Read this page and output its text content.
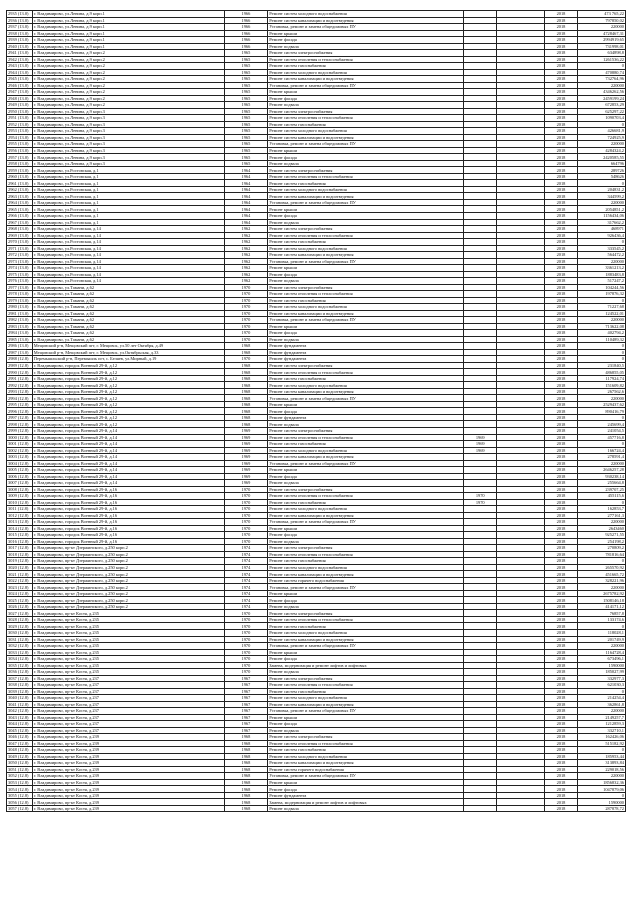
2935 (13.0)	г. Владимирово, ул.Ленина, д.9 корп.1	1966	Ремонт систем холодного водоснабжения			2018	473 765,22
2936 (13.0)	г. Владимирово, ул.Ленина, д.9 корп.1	1966	Ремонт систем канализации и водоотведения			2018	797850,02
2937 (13.0)	г. Владимирово, ул.Ленина, д.9 корп.1	1966	Установка, ремонт и замена общедомовых ПУ			2018	220000
2938 (13.0)	г. Владимирово, ул.Ленина, д.9 корп.1	1966	Ремонт крыши			2018	4728467,31
2939 (13.0)	г. Владимирово, ул.Ленина, д.9 корп.1	1966	Ремонт фасада			2018	2994919,65
2940 (13.0)	г. Владимирово, ул.Ленина, д.9 корп.1	1966	Ремонт подвала			2018	731998,01
2941 (13.0)	г. Владимирово, ул.Ленина, д.9 корп.2	1965	Ремонт систем электроснабжения			2018	634898,8
2942 (13.0)	г. Владимирово, ул.Ленина, д.9 корп.2	1965	Ремонт систем отопления и теплоснабжения			2018	1261536,22
2943 (13.0)	г. Владимирово, ул.Ленина, д.9 корп.2	1965	Ремонт систем газоснабжения			2018	0
2944 (13.0)	г. Владимирово, ул.Ленина, д.9 корп.2	1965	Ремонт систем холодного водоснабжения			2018	470880,74
2945 (13.0)	г. Владимирово, ул.Ленина, д.9 корп.2	1965	Ремонт систем канализации и водоотведения			2018	732764,96
2946 (13.0)	г. Владимирово, ул.Ленина, д.9 корп.2	1965	Установка, ремонт и замена общедомовых ПУ			2018	220000
2947 (13.0)	г. Владимирово, ул.Ленина, д.9 корп.2	1965	Ремонт крыши			2018	4346262,56
2948 (13.0)	г. Владимирово, ул.Ленина, д.9 корп.2	1965	Ремонт фасада			2018	2459199,24
2949 (13.0)	г. Владимирово, ул.Ленина, д.9 корп.2	1965	Ремонт подвала			2018	672853,29
2950 (13.0)	г. Владимирово, ул.Ленина, д.9 корп.3	1965	Ремонт систем электроснабжения			2018	625297,22
2951 (13.0)	г. Владимирово, ул.Ленина, д.9 корп.3	1965	Ремонт систем отопления и теплоснабжения			2018	1090703,4
2952 (13.0)	г. Владимирово, ул.Ленина, д.9 корп.3	1965	Ремонт систем газоснабжения			2018	0
2953 (13.0)	г. Владимирово, ул.Ленина, д.9 корп.3	1965	Ремонт систем холодного водоснабжения			2018	426681,9
2954 (13.0)	г. Владимирово, ул.Ленина, д.9 корп.3	1965	Ремонт систем канализации и водоотведения			2018	724925,9
2955 (13.0)	г. Владимирово, ул.Ленина, д.9 корп.3	1965	Установка, ремонт и замена общедомовых ПУ			2018	220000
2956 (13.0)	г. Владимирово, ул.Ленина, д.9 корп.3	1965	Ремонт крыши			2018	4284324,2
2957 (13.0)	г. Владимирово, ул.Ленина, д.9 корп.3	1965	Ремонт фасада			2018	2420585,55
2958 (13.0)	г. Владимирово, ул.Ленина, д.9 корп.3	1965	Ремонт подвала			2018	664796
2959 (13.0)	г. Владимирово, ул.Ростовская, д.1	1964	Ремонт систем электроснабжения			2018	289726
2960 (13.0)	г. Владимирово, ул.Ростовская, д.1	1964	Ремонт систем отопления и теплоснабжения			2018	548626
2961 (13.0)	г. Владимирово, ул.Ростовская, д.1	1964	Ремонт систем газоснабжения			2018	0
2962 (13.0)	г. Владимирово, ул.Ростовская, д.1	1964	Ремонт систем холодного водоснабжения			2018	204831,2
2963 (13.0)	г. Владимирово, ул.Ростовская, д.1	1964	Ремонт систем канализации и водоотведения			2018	344599,2
2964 (13.0)	г. Владимирово, ул.Ростовская, д.1	1964	Установка, ремонт и замена общедомовых ПУ			2018	220000
2965 (13.0)	г. Владимирово, ул.Ростовская, д.1	1964	Ремонт крыши			2018	2054851,2
2966 (13.0)	г. Владимирово, ул.Ростовская, д.1	1964	Ремонт фасада			2018	1156434,06
2967 (13.0)	г. Владимирово, ул.Ростовская, д.1	1964	Ремонт подвала			2018	317662,2
2968 (13.0)	г. Владимирово, ул.Ростовская, д.14	1962	Ремонт систем электроснабжения			2018	468971
2969 (13.0)	г. Владимирово, ул.Ростовская, д.14	1962	Ремонт систем отопления и теплоснабжения			2018	926436,4
2970 (13.0)	г. Владимирово, ул.Ростовская, д.14	1962	Ремонт систем газоснабжения			2018	0
2971 (13.0)	г. Владимирово, ул.Ростовская, д.14	1962	Ремонт систем холодного водоснабжения			2018	333545,2
2972 (13.0)	г. Владимирово, ул.Ростовская, д.14	1962	Ремонт систем канализации и водоотведения			2018	564472,2
2973 (13.0)	г. Владимирово, ул.Ростовская, д.14	1962	Установка, ремонт и замена общедомовых ПУ			2018	220000
2974 (13.0)	г. Владимирово, ул.Ростовская, д.14	1962	Ремонт крыши			2018	3361213,2
2975 (13.0)	г. Владимирово, ул.Ростовская, д.14	1962	Ремонт фасада			2018	1883483,8
2976 (13.0)	г. Владимирово, ул.Ростовская, д.14	1962	Ремонт подвала			2018	517247,2
2977 (13.0)	г. Владимирово, ул.Тамани, д.62	1970	Ремонт систем электроснабжения			2018	104244,56
2978 (13.0)	г. Владимирово, ул.Тамани, д.62	1970	Ремонт систем отопления и теплоснабжения			2018	197876,32
2979 (13.0)	г. Владимирово, ул.Тамани, д.62	1970	Ремонт систем газоснабжения			2018	0
2980 (13.0)	г. Владимирово, ул.Тамани, д.62	1970	Ремонт систем холодного водоснабжения			2018	71227,68
2981 (13.0)	г. Владимирово, ул.Тамани, д.62	1970	Ремонт систем канализации и водоотведения			2018	124522,01
2982 (13.0)	г. Владимирово, ул.Тамани, д.62	1970	Установка, ремонт и замена общедомовых ПУ			2018	220000
2983 (13.0)	г. Владимирово, ул.Тамани, д.62	1970	Ремонт крыши			2018	713622,08
2984 (13.0)	г. Владимирово, ул.Тамани, д.62	1970	Ремонт фасада			2018	402794,2
2985 (13.0)	г. Владимирово, ул.Тамани, д.62	1970	Ремонт подвала			2018	110489,32
2986 (13.0)	Мещовский р-н, Мещовский пгт, г. Мещовск, ул.50 лет Октября, д.49	1968	Ремонт фундамента			2018	0
2987 (13.0)	Мещовский р-н, Мещовский пгт, г. Мещовск, ул.Октябрьская, д.33	1968	Ремонт фундамента			2018	0
2988 (12.8)	Перемышльский р-н, Перемышль пгт, с. Беляев, ул.Мирный, д.19	1970	Ремонт фундамента			2018	0
2989 (12.8)	г. Владимирово, городок Военный 29-й, д.12	1968	Ремонт систем электроснабжения			2018	231840,5
2990 (12.8)	г. Владимирово, городок Военный 29-й, д.12	1968	Ремонт систем отопления и теплоснабжения			2018	486855,05
2991 (12.8)	г. Владимирово, городок Военный 29-й, д.12	1968	Ремонт систем газоснабжения			2018	117924,74
2992 (12.8)	г. Владимирово, городок Военный 29-й, д.12	1968	Ремонт систем холодного водоснабжения			2018	151609,82
2993 (12.8)	г. Владимирово, городок Военный 29-й, д.12	1968	Ремонт систем канализации и водоотведения			2018	267562,6
2994 (12.8)	г. Владимирово, городок Военный 29-й, д.12	1968	Установка, ремонт и замена общедомовых ПУ			2018	220000
2995 (12.8)	г. Владимирово, городок Военный 29-й, д.12	1968	Ремонт крыши			2018	2529437,62
2996 (12.8)	г. Владимирово, городок Военный 29-й, д.12	1968	Ремонт фасада			2018	890416,79
2997 (12.8)	г. Владимирово, городок Военный 29-й, д.12	1968	Ремонт фундамента			2018	0
2998 (12.8)	г. Владимирово, городок Военный 29-й, д.12	1968	Ремонт подвала			2018	245699,4
2999 (12.8)	г. Владимирово, городок Военный 29-й, д.14	1969	Ремонт систем электроснабжения			2018	241054,5
3000 (12.8)	г. Владимирово, городок Военный 29-й, д.14	1969	Ремонт систем отопления и теплоснабжения	1969		2018	457716,8
3001 (12.8)	г. Владимирово, городок Военный 29-й, д.14	1969	Ремонт систем газоснабжения	1969		2018	0
3002 (12.8)	г. Владимирово, городок Военный 29-й, д.14	1969	Ремонт систем холодного водоснабжения	1969		2018	166724,4
3003 (12.8)	г. Владимирово, городок Военный 29-й, д.14	1969	Ремонт систем канализации и водоотведения			2018	278591,4
3004 (12.8)	г. Владимирово, городок Военный 29-й, д.14	1969	Установка, ремонт и замена общедомовых ПУ			2018	220000
3005 (12.8)	г. Владимирово, городок Военный 29-й, д.14	1969	Ремонт крыши			2018	2646257,28
3006 (12.8)	г. Владимирово, городок Военный 29-й, д.14	1969	Ремонт фасада			2018	930238,14
3007 (12.8)	г. Владимирово, городок Военный 29-й, д.14	1969	Ремонт подвала			2018	255664,8
3008 (12.8)	г. Владимирово, городок Военный 29-й, д.16	1970	Ремонт систем электроснабжения			2018	239707,25
3009 (12.8)	г. Владимирово, городок Военный 29-й, д.16	1970	Ремонт систем отопления и теплоснабжения	1970		2018	455115,6
3010 (12.8)	г. Владимирово, городок Военный 29-й, д.16	1970	Ремонт систем газоснабжения	1970		2018	0
3011 (12.8)	г. Владимирово, городок Военный 29-й, д.16	1970	Ремонт систем холодного водоснабжения			2018	162853,7
3012 (12.8)	г. Владимирово, городок Военный 29-й, д.16	1970	Ремонт систем канализации и водоотведения			2018	277161,3
3013 (12.8)	г. Владимирово, городок Военный 29-й, д.16	1970	Установка, ремонт и замена общедомовых ПУ			2018	220000
3014 (12.8)	г. Владимирово, городок Военный 29-й, д.16	1970	Ремонт крыши			2018	2643460
3015 (12.8)	г. Владимирово, городок Военный 29-й, д.16	1970	Ремонт фасада			2018	925271,55
3016 (12.8)	г. Владимирово, городок Военный 29-й, д.16	1970	Ремонт подвала			2018	254198,2
3017 (12.8)	г. Владимирово, пр-кт Дзержинского, д.250 корп.2	1974	Ремонт систем электроснабжения			2018	270809,2
3018 (12.8)	г. Владимирово, пр-кт Дзержинского, д.250 корп.2	1974	Ремонт систем отопления и теплоснабжения			2018	781816,64
3019 (12.8)	г. Владимирово, пр-кт Дзержинского, д.250 корп.2	1974	Ремонт систем газоснабжения			2018	0
3020 (12.8)	г. Владимирово, пр-кт Дзержинского, д.250 корп.2	1974	Ремонт систем холодного водоснабжения			2018	265570,92
3021 (12.8)	г. Владимирово, пр-кт Дзержинского, д.250 корп.2	1974	Ремонт систем канализации и водоотведения			2018	451665,72
3022 (12.8)	г. Владимирово, пр-кт Дзержинского, д.250 корп.2	1974	Ремонт систем горячего водоснабжения			2018	328221,96
3023 (12.8)	г. Владимирово, пр-кт Дзержинского, д.250 корп.2	1974	Установка, ремонт и замена общедомовых ПУ			2018	220000
3024 (12.8)	г. Владимирово, пр-кт Дзержинского, д.250 корп.2	1974	Ремонт крыши			2018	2675782,92
3025 (12.8)	г. Владимирово, пр-кт Дзержинского, д.250 корп.2	1974	Ремонт фасада			2018	1508146,18
3026 (12.8)	г. Владимирово, пр-кт Дзержинского, д.250 корп.2	1974	Ремонт подвала			2018	414171,12
3027 (12.8)	г. Владимирово, пр-кт Костя, д.235	1970	Ремонт систем электроснабжения			2018	76857,8
3028 (12.8)	г. Владимирово, пр-кт Костя, д.235	1970	Ремонт систем отопления и теплоснабжения			2018	133174,6
3029 (12.8)	г. Владимирово, пр-кт Костя, д.235	1970	Ремонт систем газоснабжения			2018	0
3030 (12.8)	г. Владимирово, пр-кт Костя, д.235	1970	Ремонт систем холодного водоснабжения			2018	118028,1
3031 (12.8)	г. Владимирово, пр-кт Костя, д.235	1970	Ремонт систем канализации и водоотведения			2018	201749,9
3032 (12.8)	г. Владимирово, пр-кт Костя, д.235	1970	Установка, ремонт и замена общедомовых ПУ			2018	220000
3033 (12.8)	г. Владимирово, пр-кт Костя, д.235	1970	Ремонт крыши			2018	1164728,4
3034 (12.8)	г. Владимирово, пр-кт Костя, д.235	1970	Ремонт фасада			2018	673496,1
3035 (12.8)	г. Владимирово, пр-кт Костя, д.235	1970	Замена, модернизация и ремонт лифтов и лифтовых			2018	1590000
3036 (12.8)	г. Владимирово, пр-кт Костя, д.235	1970	Ремонт подвала			2018	185027,99
3037 (12.8)	г. Владимирово, пр-кт Костя, д.237	1967	Ремонт систем электроснабжения			2018	332977,3
3038 (12.8)	г. Владимирово, пр-кт Костя, д.237	1967	Ремонт систем отопления и теплоснабжения			2018	621030,3
3039 (12.8)	г. Владимирово, пр-кт Костя, д.237	1967	Ремонт систем газоснабжения			2018	0
3040 (12.8)	г. Владимирово, пр-кт Костя, д.237	1967	Ремонт систем холодного водоснабжения			2018	214254,4
3041 (12.8)	г. Владимирово, пр-кт Костя, д.237	1967	Ремонт систем канализации и водоотведения			2018	362861,8
3042 (12.8)	г. Владимирово, пр-кт Костя, д.237	1967	Установка, ремонт и замена общедомовых ПУ			2018	220000
3043 (12.8)	г. Владимирово, пр-кт Костя, д.237	1967	Ремонт крыши			2018	2149257,7
3044 (12.8)	г. Владимирово, пр-кт Костя, д.237	1967	Ремонт фасада			2018	1212859,3
3045 (12.8)	г. Владимирово, пр-кт Костя, д.237	1967	Ремонт подвала			2018	332710,1
3046 (12.8)	г. Владимирово, пр-кт Костя, д.239	1968	Ремонт систем электроснабжения			2018	162426,06
3047 (12.8)	г. Владимирово, пр-кт Костя, д.239	1968	Ремонт систем отопления и теплоснабжения			2018	515182,92
3048 (12.8)	г. Владимирово, пр-кт Костя, д.239	1968	Ремонт систем газоснабжения			2018	0
3049 (12.8)	г. Владимирово, пр-кт Костя, д.239	1968	Ремонт систем холодного водоснабжения			2018	185953,44
3050 (12.8)	г. Владимирово, пр-кт Костя, д.239	1968	Ремонт систем канализации и водоотведения			2018	313893,84
3051 (12.8)	г. Владимирово, пр-кт Костя, д.239	1968	Ремонт систем горячего водоснабжения			2018	229018,56
3052 (12.8)	г. Владимирово, пр-кт Костя, д.239	1968	Установка, ремонт и замена общедомовых ПУ			2018	220000
3053 (12.8)	г. Владимирово, пр-кт Костя, д.239	1968	Ремонт крыши			2018	1856832,36
3054 (12.8)	г. Владимирово, пр-кт Костя, д.239	1968	Ремонт фасада			2018	1047879,06
3055 (12.8)	г. Владимирово, пр-кт Костя, д.239	1968	Ремонт фундамента			2018	0
3056 (12.8)	г. Владимирово, пр-кт Костя, д.239	1968	Замена, модернизация и ремонт лифтов и лифтовых			2018	1590000
3057 (12.8)	г. Владимирово, пр-кт Костя, д.239	1968	Ремонт подвала			2018	287878,72
